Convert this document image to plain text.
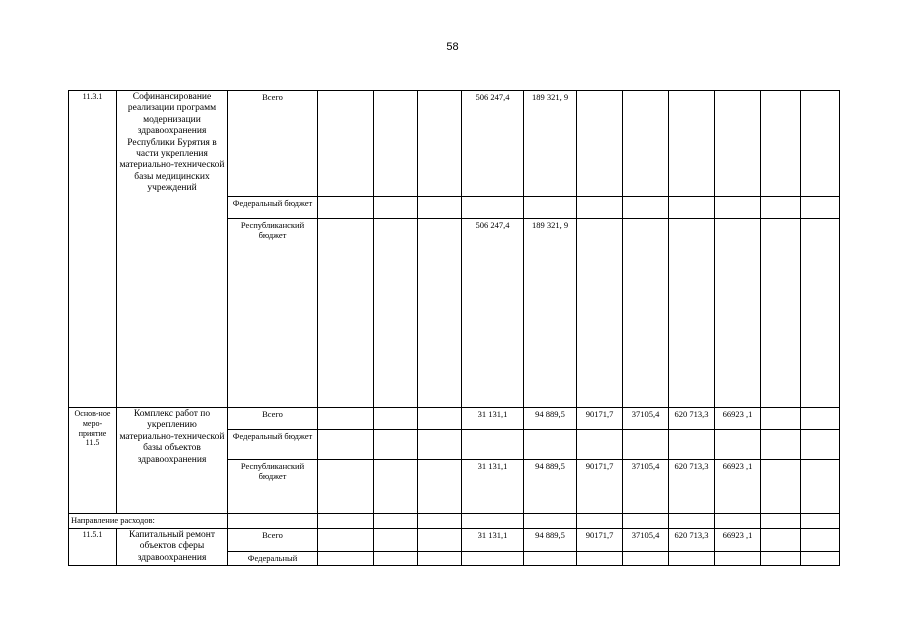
58
11.3.1	Софинансирование реализации программ модернизации здравоохранения Республики Бурятия в части укрепления материально-технической базы медицинских учреждений	Всего				506 247,4	189 321, 9						
		Федеральный бюджет											
		Республиканский бюджет				506 247,4	189 321, 9						
Основ-ное меро-приятие 11.5	Комплекс работ по укреплению материально-технической базы объектов здравоохранения	Всего				31 131,1	94 889,5	90171,7	37105,4	620 713,3	66923 ,1		
		Федеральный бюджет											
		Республиканский бюджет				31 131,1	94 889,5	90171,7	37105,4	620 713,3	66923 ,1		
Направление расходов:													
11.5.1	Капитальный ремонт объектов сферы здравоохранения	Всего				31 131,1	94 889,5	90171,7	37105,4	620 713,3	66923 ,1		
		Федеральный											
